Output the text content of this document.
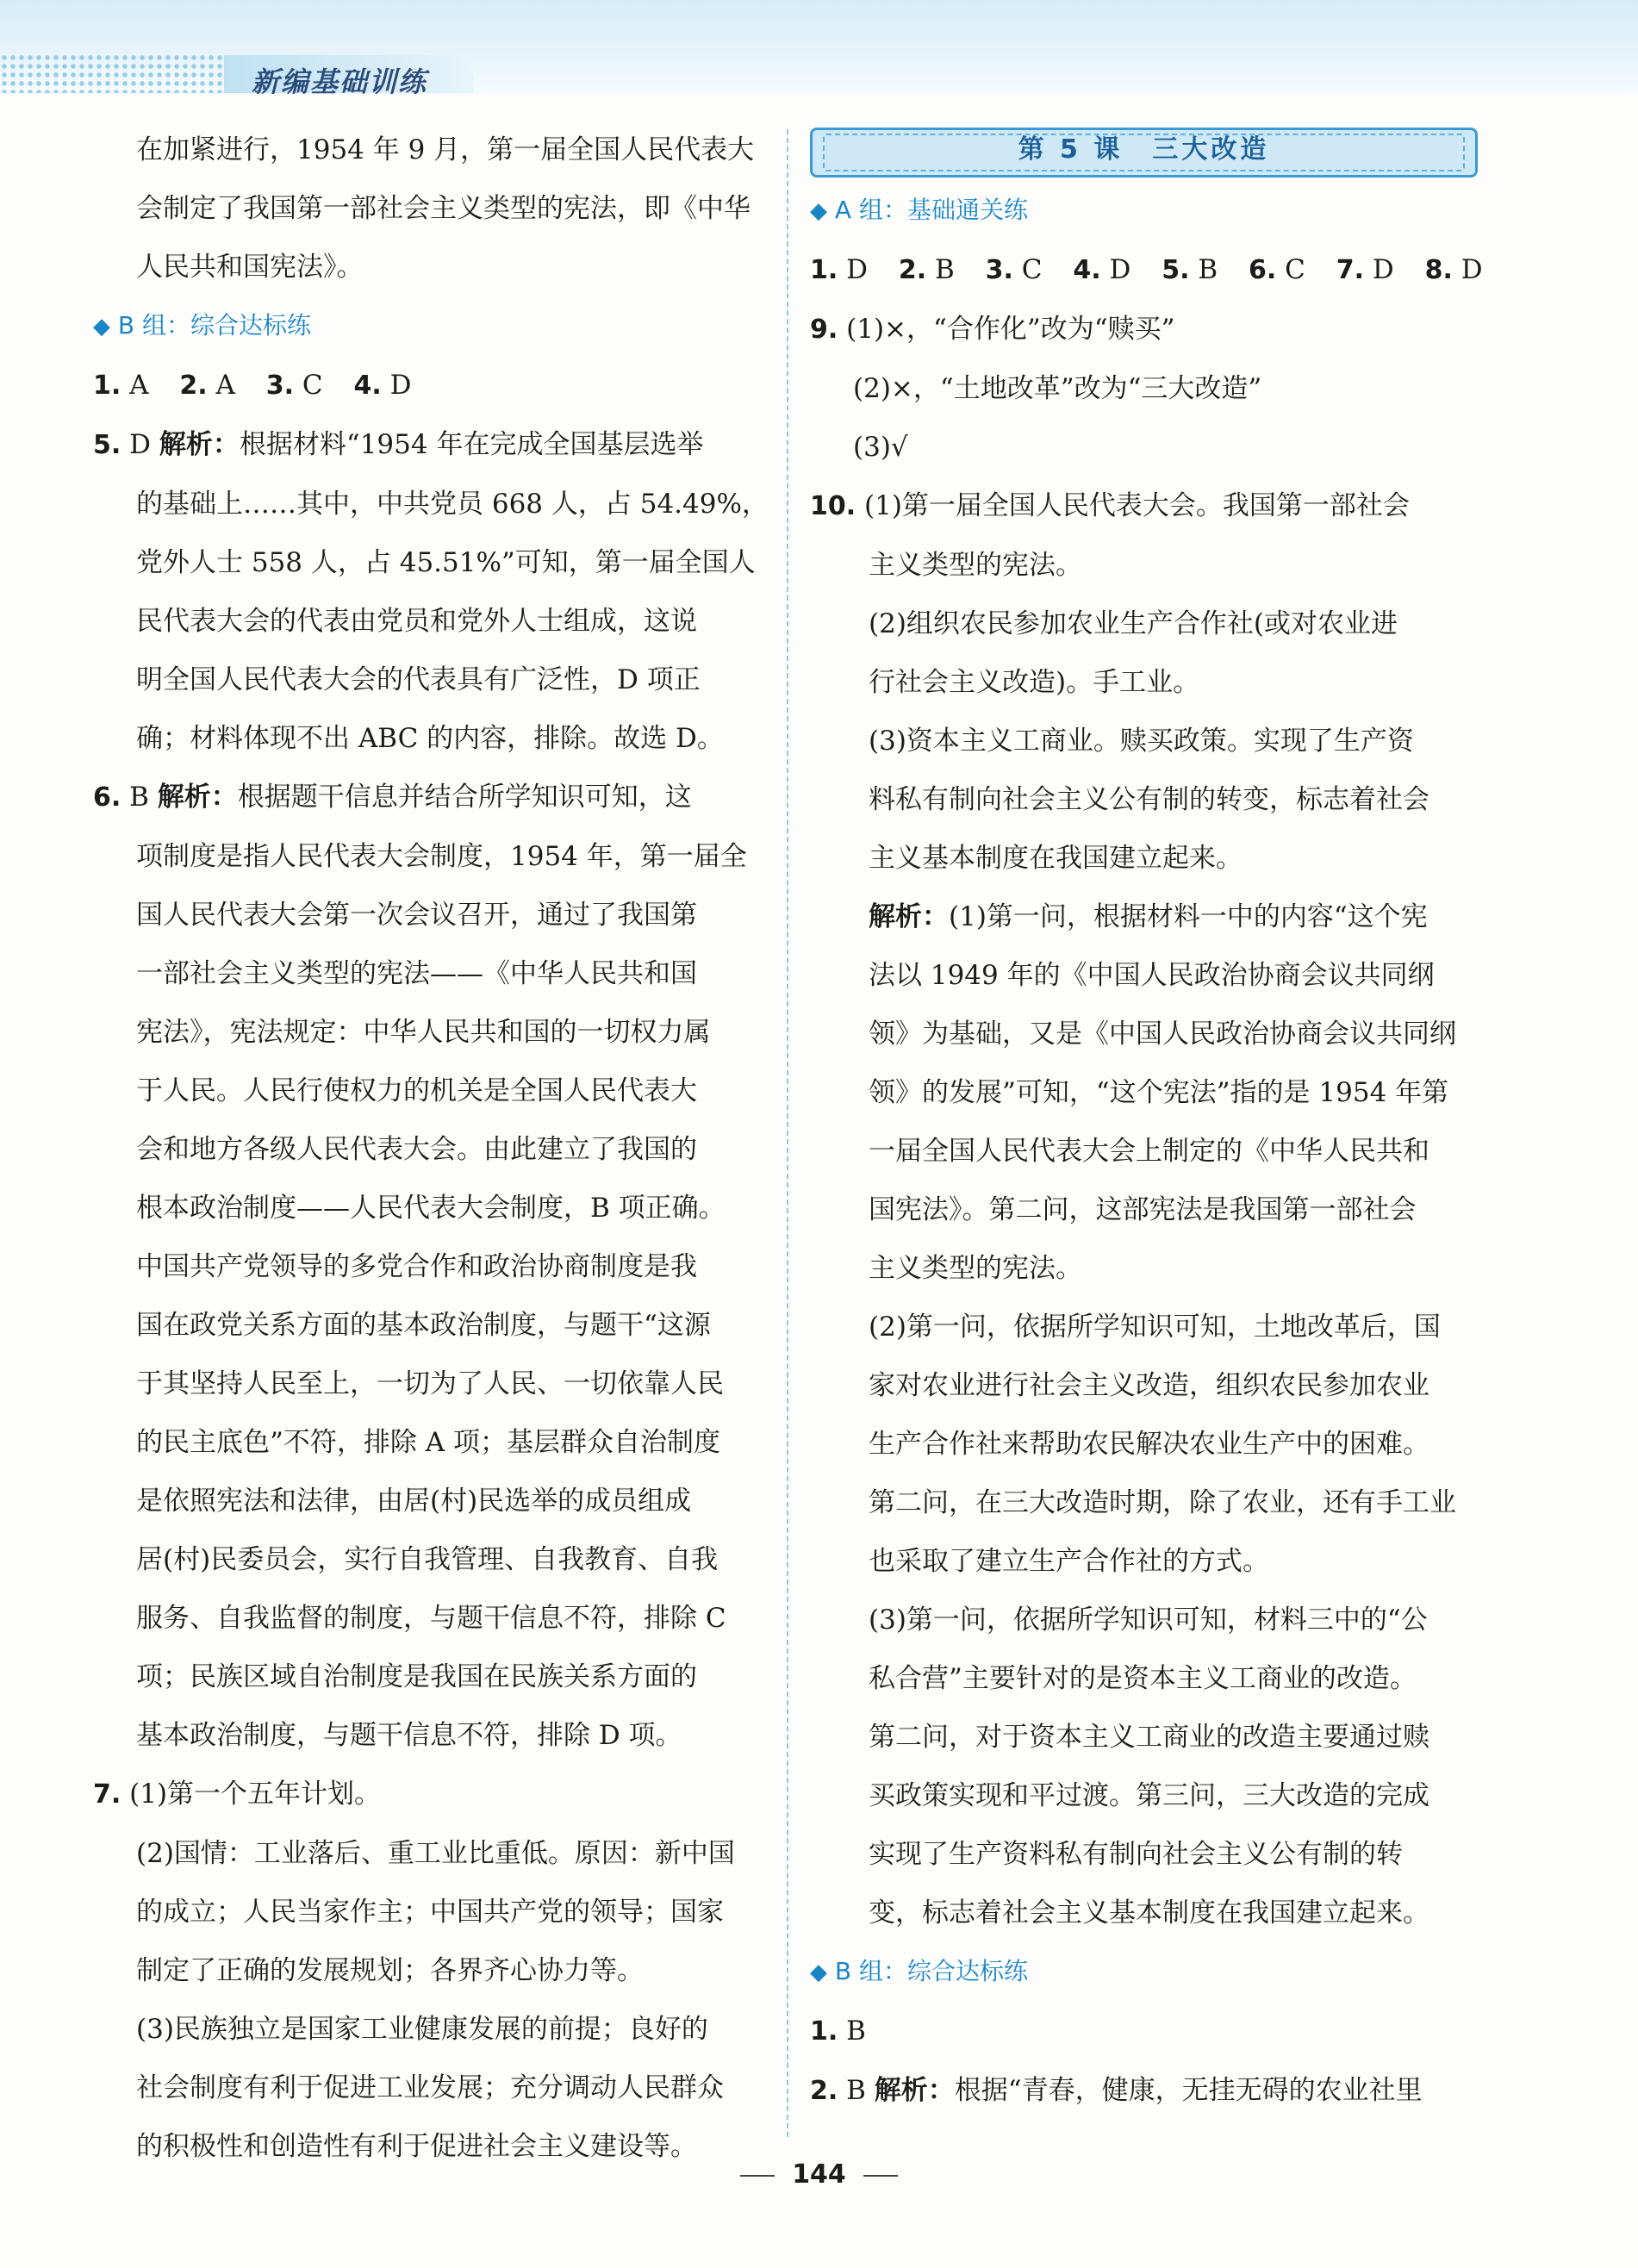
新编基础训练
在加紧进行，1954 年 9 月，第一届全国人民代表大
会制定了我国第一部社会主义类型的宪法，即《中华
人民共和国宪法》。
◆ B 组：综合达标练
1. A 2. A 3. C 4. D
5. D 解析：根据材料“1954 年在完成全国基层选举
的基础上……其中，中共党员 668 人，占 54.49%，
党外人士 558 人，占 45.51%”可知，第一届全国人
民代表大会的代表由党员和党外人士组成，这说
明全国人民代表大会的代表具有广泛性，D 项正
确；材料体现不出 ABC 的内容，排除。故选 D。
6. B 解析：根据题干信息并结合所学知识可知，这
项制度是指人民代表大会制度，1954 年，第一届全
国人民代表大会第一次会议召开，通过了我国第
一部社会主义类型的宪法——《中华人民共和国
宪法》，宪法规定：中华人民共和国的一切权力属
于人民。人民行使权力的机关是全国人民代表大
会和地方各级人民代表大会。由此建立了我国的
根本政治制度——人民代表大会制度，B 项正确。
中国共产党领导的多党合作和政治协商制度是我
国在政党关系方面的基本政治制度，与题干“这源
于其坚持人民至上，一切为了人民、一切依靠人民
的民主底色”不符，排除 A 项；基层群众自治制度
是依照宪法和法律，由居(村)民选举的成员组成
居(村)民委员会，实行自我管理、自我教育、自我
服务、自我监督的制度，与题干信息不符，排除 C
项；民族区域自治制度是我国在民族关系方面的
基本政治制度，与题干信息不符，排除 D 项。
7. (1)第一个五年计划。
(2)国情：工业落后、重工业比重低。原因：新中国
的成立；人民当家作主；中国共产党的领导；国家
制定了正确的发展规划；各界齐心协力等。
(3)民族独立是国家工业健康发展的前提；良好的
社会制度有利于促进工业发展；充分调动人民群众
的积极性和创造性有利于促进社会主义建设等。
第 5 课　三大改造
◆ A 组：基础通关练
1. D 2. B 3. C 4. D 5. B 6. C 7. D 8. D
9. (1)×，“合作化”改为“赎买”
(2)×，“土地改革”改为“三大改造”
(3)√
10. (1)第一届全国人民代表大会。我国第一部社会
主义类型的宪法。
(2)组织农民参加农业生产合作社(或对农业进
行社会主义改造)。手工业。
(3)资本主义工商业。赎买政策。实现了生产资
料私有制向社会主义公有制的转变，标志着社会
主义基本制度在我国建立起来。
解析：(1)第一问，根据材料一中的内容“这个宪
法以 1949 年的《中国人民政治协商会议共同纲
领》为基础，又是《中国人民政治协商会议共同纲
领》的发展”可知，“这个宪法”指的是 1954 年第
一届全国人民代表大会上制定的《中华人民共和
国宪法》。第二问，这部宪法是我国第一部社会
主义类型的宪法。
(2)第一问，依据所学知识可知，土地改革后，国
家对农业进行社会主义改造，组织农民参加农业
生产合作社来帮助农民解决农业生产中的困难。
第二问，在三大改造时期，除了农业，还有手工业
也采取了建立生产合作社的方式。
(3)第一问，依据所学知识可知，材料三中的“公
私合营”主要针对的是资本主义工商业的改造。
第二问，对于资本主义工商业的改造主要通过赎
买政策实现和平过渡。第三问，三大改造的完成
实现了生产资料私有制向社会主义公有制的转
变，标志着社会主义基本制度在我国建立起来。
◆ B 组：综合达标练
1. B
2. B 解析：根据“青春，健康，无挂无碍的农业社里
144
